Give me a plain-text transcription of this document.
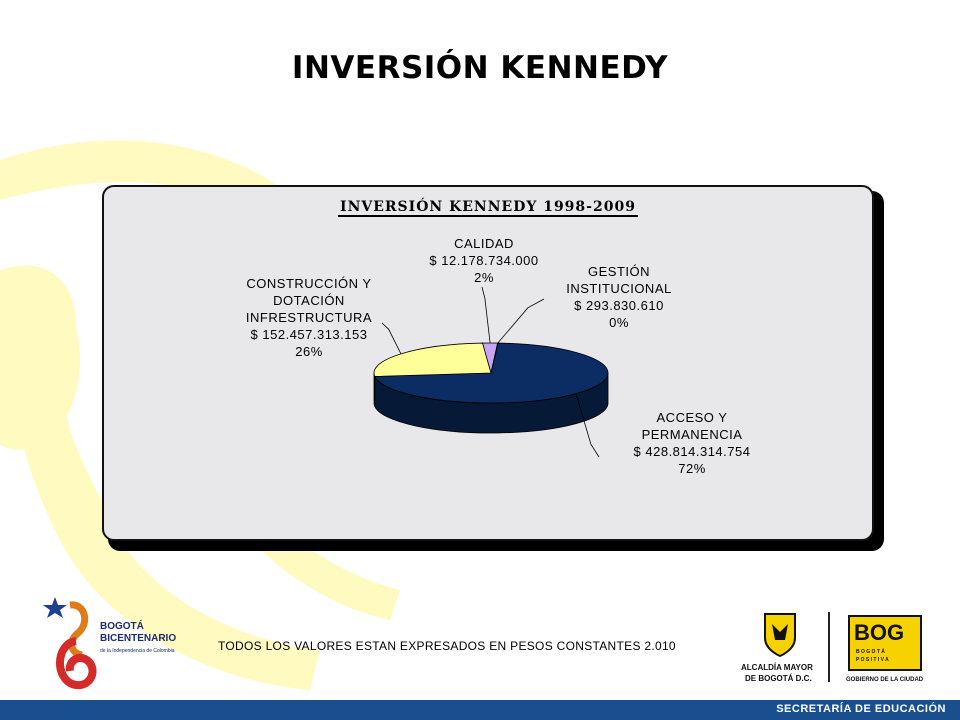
INVERSIÓN KENNEDY
INVERSIÓN KENNEDY 1998-2009
ACCESO Y
PERMANENCIA
$ 428.814.314.754
72%
CONSTRUCCIÓN Y
DOTACIÓN
INFRESTRUCTURA
$ 152.457.313.153
26%
CALIDAD
$ 12.178.734.000
2%	GESTIÓN
INSTITUCIONAL
$ 293.830.610
0%
TODOS LOS VALORES ESTAN EXPRESADOS EN PESOS CONSTANTES 2.010
BOGOTÁ
BICENTENARIO
de la Independencia de Colombia
ALCALDÍA MAYOR
DE BOGOTÁ D.C.
BOG
B O G O T Á
P O S I T I V A
GOBIERNO DE LA CIUDAD
SECRETARÍA DE EDUCACIÓN
